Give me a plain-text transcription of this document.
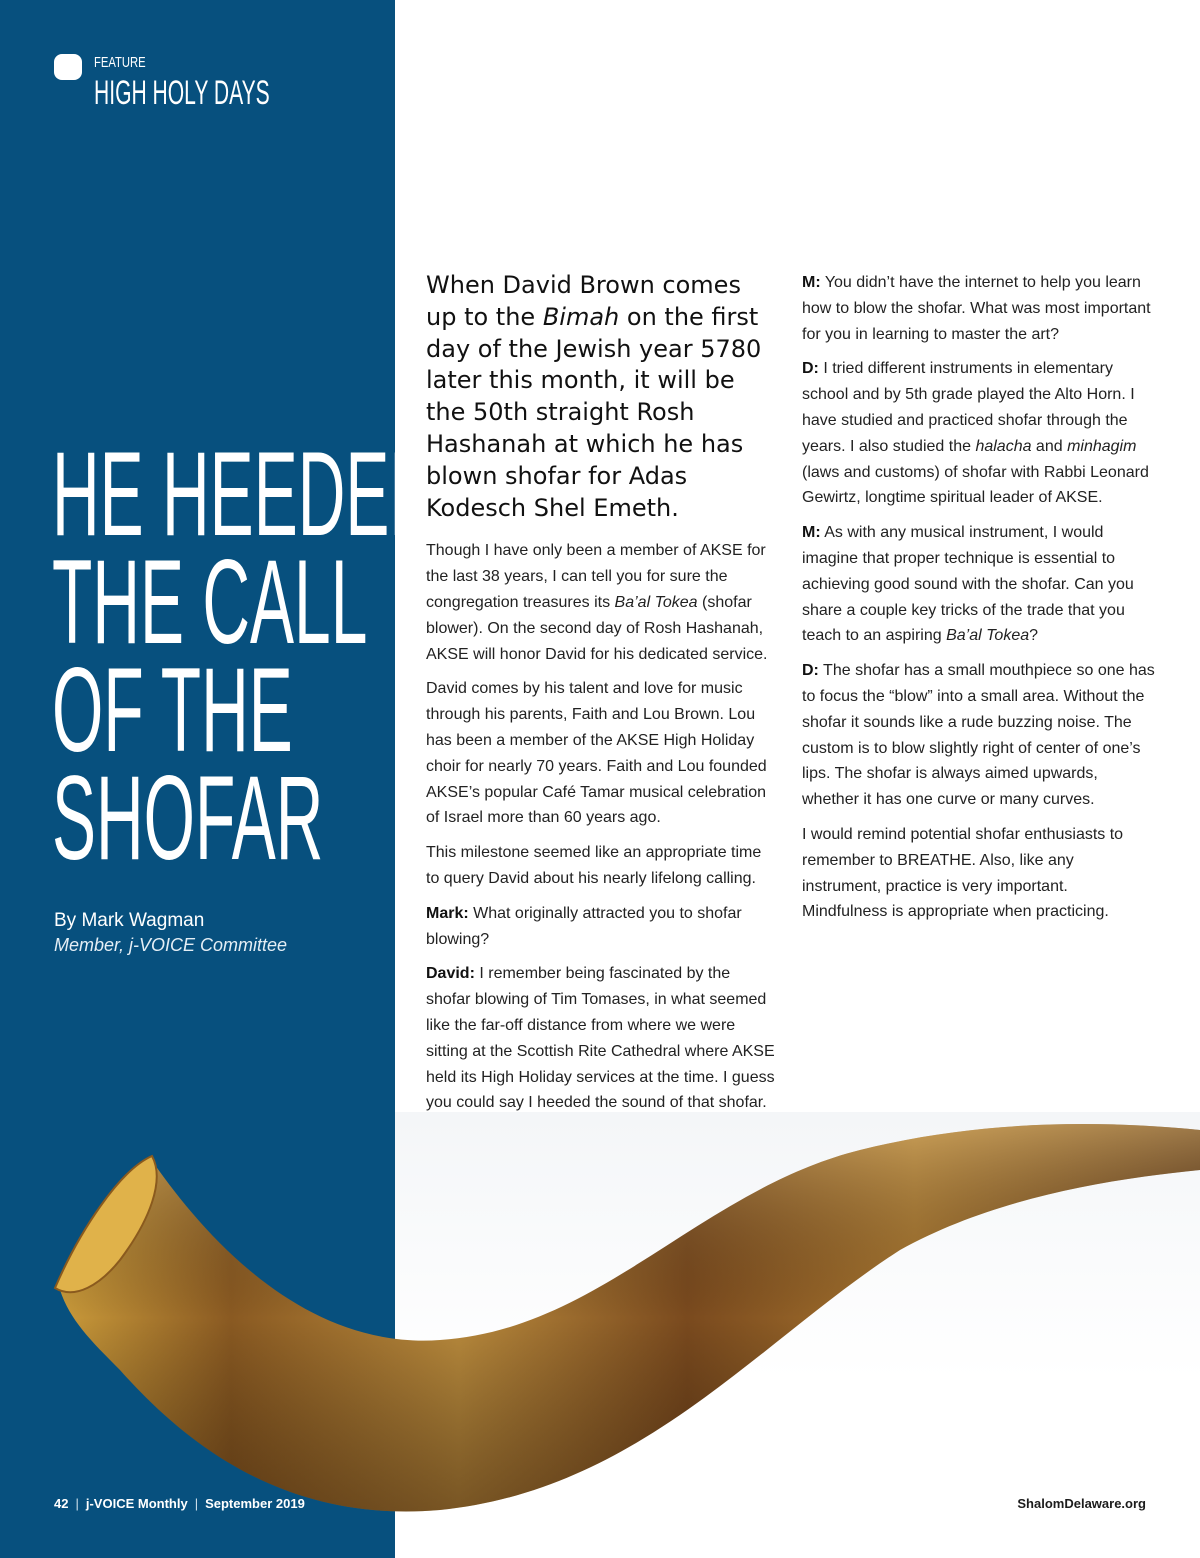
FEATURE
HIGH HOLY DAYS
HE HEEDED
THE CALL
OF THE
SHOFAR
By Mark Wagman
Member, j-VOICE Committee

When David Brown comes up to the Bimah on the first day of the Jewish year 5780 later this month, it will be the 50th straight Rosh Hashanah at which he has blown shofar for Adas Kodesch Shel Emeth.

Though I have only been a member of AKSE for the last 38 years, I can tell you for sure the congregation treasures its Ba’al Tokea (shofar blower). On the second day of Rosh Hashanah, AKSE will honor David for his dedicated service.

David comes by his talent and love for music through his parents, Faith and Lou Brown. Lou has been a member of the AKSE High Holiday choir for nearly 70 years. Faith and Lou founded AKSE’s popular Café Tamar musical celebration of Israel more than 60 years ago.

This milestone seemed like an appropriate time to query David about his nearly lifelong calling.

Mark: What originally attracted you to shofar blowing?

David: I remember being fascinated by the shofar blowing of Tim Tomases, in what seemed like the far-off distance from where we were sitting at the Scottish Rite Cathedral where AKSE held its High Holiday services at the time. I guess you could say I heeded the sound of that shofar.

M: You didn’t have the internet to help you learn how to blow the shofar. What was most important for you in learning to master the art?

D: I tried different instruments in elementary school and by 5th grade played the Alto Horn. I have studied and practiced shofar through the years. I also studied the halacha and minhagim (laws and customs) of shofar with Rabbi Leonard Gewirtz, longtime spiritual leader of AKSE.

M: As with any musical instrument, I would imagine that proper technique is essential to achieving good sound with the shofar. Can you share a couple key tricks of the trade that you teach to an aspiring Ba’al Tokea?

D: The shofar has a small mouthpiece so one has to focus the “blow” into a small area. Without the shofar it sounds like a rude buzzing noise. The custom is to blow slightly right of center of one’s lips. The shofar is always aimed upwards, whether it has one curve or many curves.

I would remind potential shofar enthusiasts to remember to BREATHE. Also, like any instrument, practice is very important. Mindfulness is appropriate when practicing.

42 | j-VOICE Monthly | September 2019	ShalomDelaware.org
